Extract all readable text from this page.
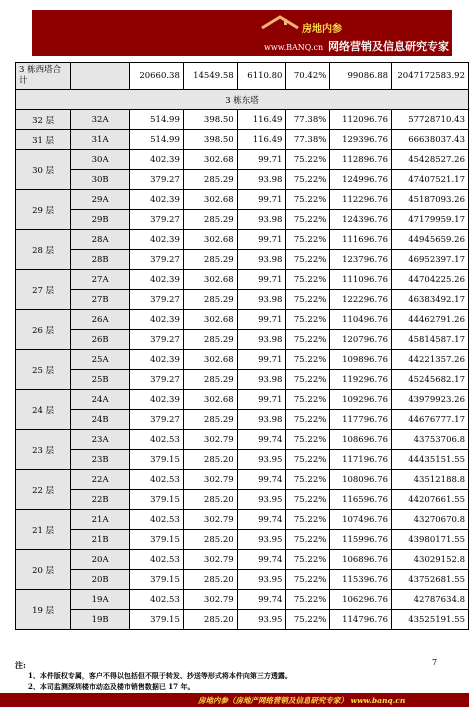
房地内参
www.BANQ.cn 网络营销及信息研究专家
3 栋西塔合计		20660.38	14549.58	6110.80	70.42%	99086.88	2047172583.92
3 栋东塔							
32 层	32A	514.99	398.50	116.49	77.38%	112096.76	57728710.43
31 层	31A	514.99	398.50	116.49	77.38%	129396.76	66638037.43
30 层	30A	402.39	302.68	99.71	75.22%	112896.76	45428527.26
	30B	379.27	285.29	93.98	75.22%	124996.76	47407521.17
29 层	29A	402.39	302.68	99.71	75.22%	112296.76	45187093.26
	29B	379.27	285.29	93.98	75.22%	124396.76	47179959.17
28 层	28A	402.39	302.68	99.71	75.22%	111696.76	44945659.26
	28B	379.27	285.29	93.98	75.22%	123796.76	46952397.17
27 层	27A	402.39	302.68	99.71	75.22%	111096.76	44704225.26
	27B	379.27	285.29	93.98	75.22%	122296.76	46383492.17
26 层	26A	402.39	302.68	99.71	75.22%	110496.76	44462791.26
	26B	379.27	285.29	93.98	75.22%	120796.76	45814587.17
25 层	25A	402.39	302.68	99.71	75.22%	109896.76	44221357.26
	25B	379.27	285.29	93.98	75.22%	119296.76	45245682.17
24 层	24A	402.39	302.68	99.71	75.22%	109296.76	43979923.26
	24B	379.27	285.29	93.98	75.22%	117796.76	44676777.17
23 层	23A	402.53	302.79	99.74	75.22%	108696.76	43753706.8
	23B	379.15	285.20	93.95	75.22%	117196.76	44435151.55
22 层	22A	402.53	302.79	99.74	75.22%	108096.76	43512188.8
	22B	379.15	285.20	93.95	75.22%	116596.76	44207661.55
21 层	21A	402.53	302.79	99.74	75.22%	107496.76	43270670.8
	21B	379.15	285.20	93.95	75.22%	115996.76	43980171.55
20 层	20A	402.53	302.79	99.74	75.22%	106896.76	43029152.8
	20B	379.15	285.20	93.95	75.22%	115396.76	43752681.55
19 层	19A	402.53	302.79	99.74	75.22%	106296.76	42787634.8
	19B	379.15	285.20	93.95	75.22%	114796.76	43525191.55
注:
1、本件版权专属，客户不得以包括但不限于转发、抄送等形式将本件向第三方透露。
2、本司监测深圳楼市动态及楼市销售数据已 17 年。
7
房地内参（房地产网络营销及信息研究专家） www.banq.cn
